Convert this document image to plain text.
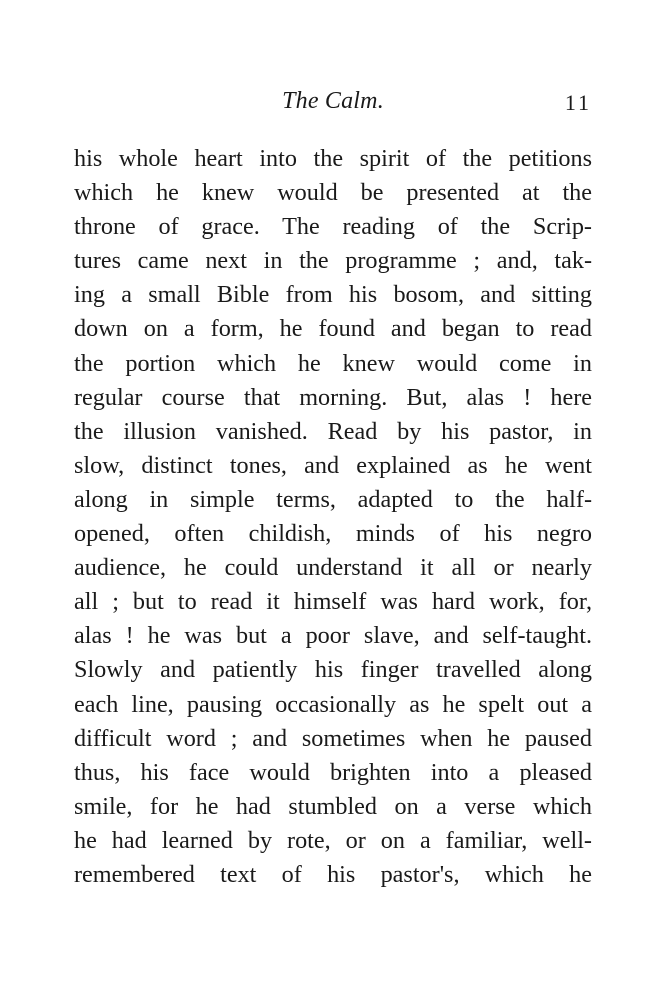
The Calm.	11
his whole heart into the spirit of the petitions
which he knew would be presented at the
throne of grace. The reading of the Scrip-
tures came next in the programme ; and, tak-
ing a small Bible from his bosom, and sitting
down on a form, he found and began to read
the portion which he knew would come in
regular course that morning. But, alas ! here
the illusion vanished. Read by his pastor, in
slow, distinct tones, and explained as he went
along in simple terms, adapted to the half-
opened, often childish, minds of his negro
audience, he could understand it all or nearly
all ; but to read it himself was hard work, for,
alas ! he was but a poor slave, and self-taught.
Slowly and patiently his finger travelled along
each line, pausing occasionally as he spelt out a
difficult word ; and sometimes when he paused
thus, his face would brighten into a pleased
smile, for he had stumbled on a verse which
he had learned by rote, or on a familiar, well-
remembered text of his pastor's, which he
